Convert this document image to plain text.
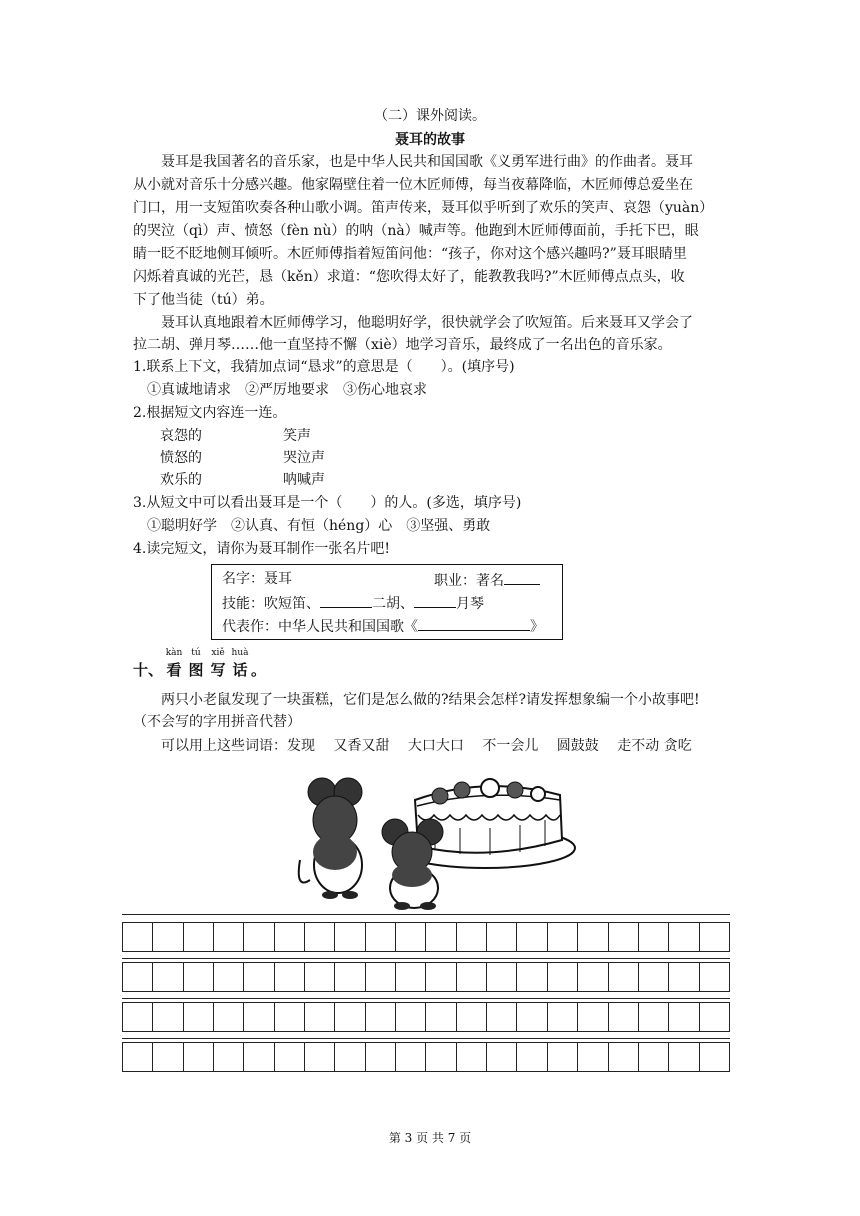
（二）课外阅读。
聂耳的故事
　　聂耳是我国著名的音乐家，也是中华人民共和国国歌《义勇军进行曲》的作曲者。聂耳
从小就对音乐十分感兴趣。他家隔壁住着一位木匠师傅，每当夜幕降临，木匠师傅总爱坐在
门口，用一支短笛吹奏各种山歌小调。笛声传来，聂耳似乎听到了欢乐的笑声、哀怨（yuàn）
的哭泣（qì）声、愤怒（fèn nù）的呐（nà）喊声等。他跑到木匠师傅面前，手托下巴，眼
睛一眨不眨地侧耳倾听。木匠师傅指着短笛问他：“孩子，你对这个感兴趣吗?”聂耳眼睛里
闪烁着真诚的光芒，恳（kěn）求道：“您吹得太好了，能教教我吗?”木匠师傅点点头，收
下了他当徒（tú）弟。
　　聂耳认真地跟着木匠师傅学习，他聪明好学，很快就学会了吹短笛。后来聂耳又学会了
拉二胡、弹月琴……他一直坚持不懈（xiè）地学习音乐，最终成了一名出色的音乐家。
1.联系上下文，我猜加点词“恳求”的意思是（　　）。(填序号)
　①真诚地请求　②严厉地要求　③伤心地哀求
2.根据短文内容连一连。
哀怨的	笑声
愤怒的	哭泣声
欢乐的	呐喊声
3.从短文中可以看出聂耳是一个（　　）的人。(多选，填序号)
　①聪明好学　②认真、有恒（héng）心　③坚强、勇敢
4.读完短文，请你为聂耳制作一张名片吧!
名字：聂耳	职业：著名
技能：吹短笛、	二胡、	月琴
代表作：中华人民共和国国歌《	》
十、
kàn
看
tú
图
xiě
写
huà
话 。
　　两只小老鼠发现了一块蛋糕，它们是怎么做的?结果会怎样?请发挥想象编一个小故事吧!
（不会写的字用拼音代替）
　　可以用上这些词语：发现　 又香又甜　 大口大口　 不一会儿　 圆鼓鼓　 走不动 贪吃
第 3 页 共 7 页
